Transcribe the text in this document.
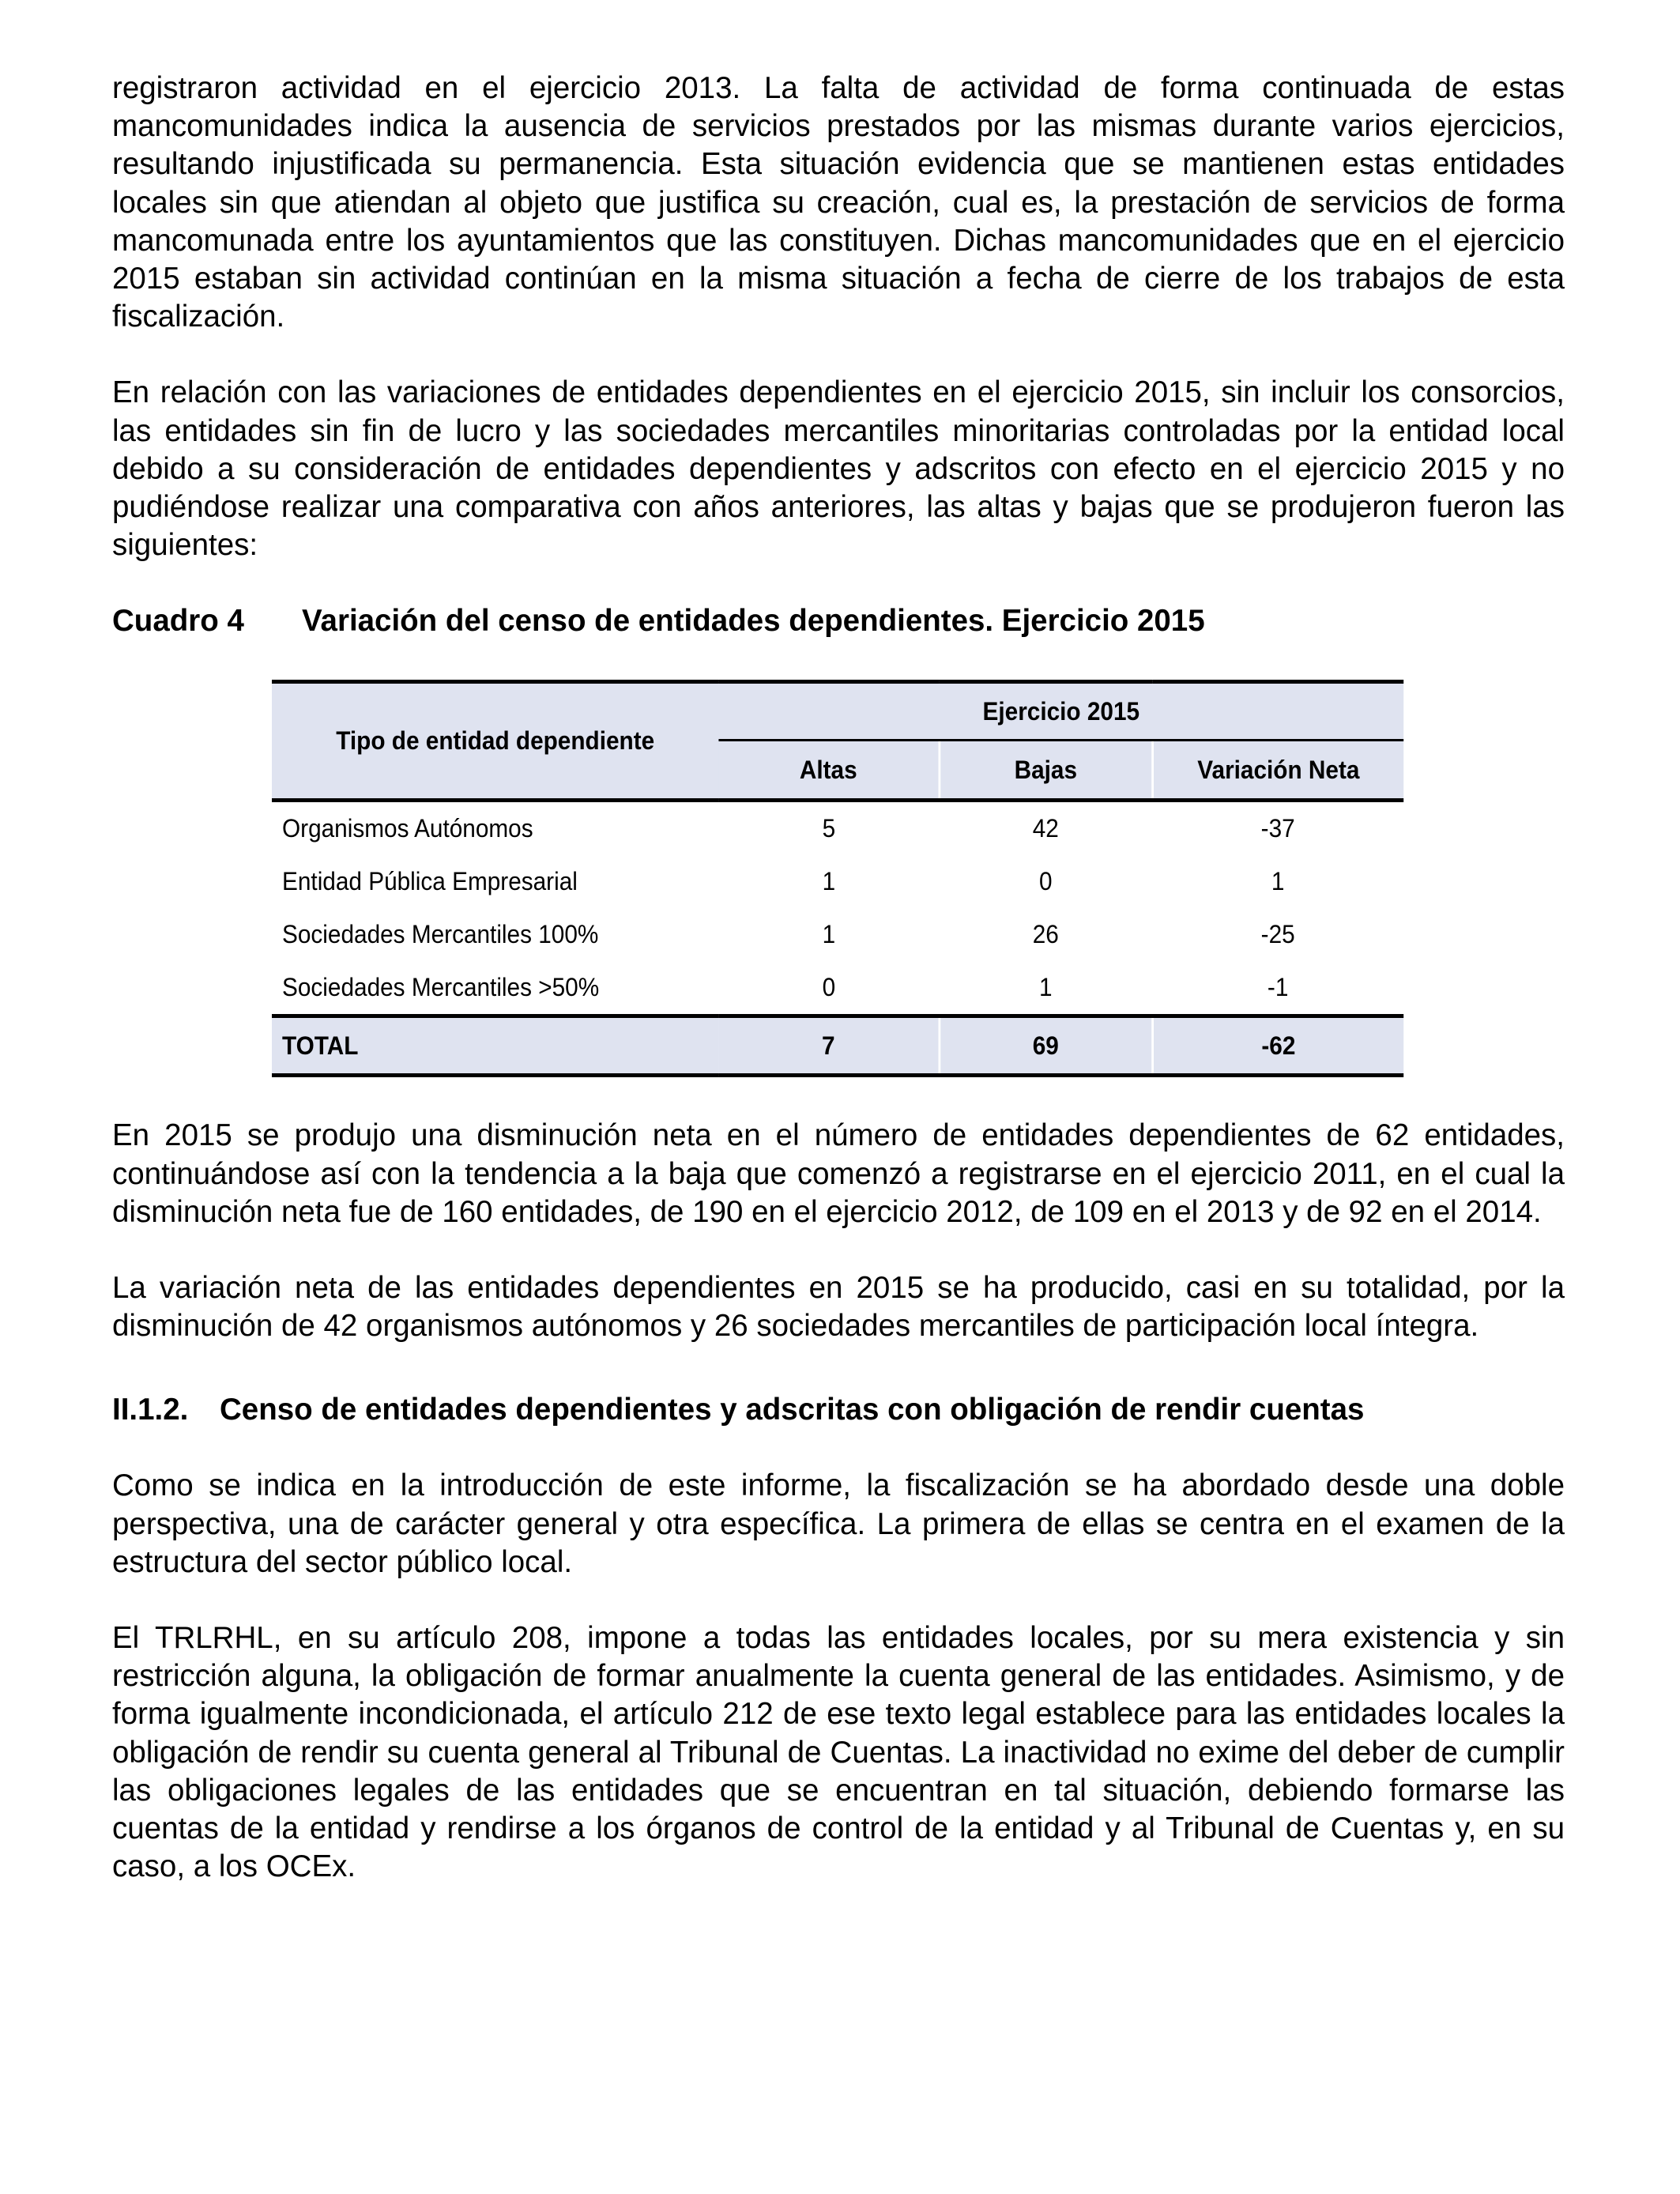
registraron actividad en el ejercicio 2013. La falta de actividad de forma continuada de estas mancomunidades indica la ausencia de servicios prestados por las mismas durante varios ejercicios, resultando injustificada su permanencia. Esta situación evidencia que se mantienen estas entidades locales sin que atiendan al objeto que justifica su creación, cual es, la prestación de servicios de forma mancomunada entre los ayuntamientos que las constituyen. Dichas mancomunidades que en el ejercicio 2015 estaban sin actividad continúan en la misma situación a fecha de cierre de los trabajos de esta fiscalización.

En relación con las variaciones de entidades dependientes en el ejercicio 2015, sin incluir los consorcios, las entidades sin fin de lucro y las sociedades mercantiles minoritarias controladas por la entidad local debido a su consideración de entidades dependientes y adscritos con efecto en el ejercicio 2015 y no pudiéndose realizar una comparativa con años anteriores, las altas y bajas que se produjeron fueron las siguientes:

Cuadro 4 Variación del censo de entidades dependientes. Ejercicio 2015

Tipo de entidad dependiente	Ejercicio 2015		
	Altas	Bajas	Variación Neta
Organismos Autónomos	5	42	-37
Entidad Pública Empresarial	1	0	1
Sociedades Mercantiles 100%	1	26	-25
Sociedades Mercantiles >50%	0	1	-1
TOTAL	7	69	-62

En 2015 se produjo una disminución neta en el número de entidades dependientes de 62 entidades, continuándose así con la tendencia a la baja que comenzó a registrarse en el ejercicio 2011, en el cual la disminución neta fue de 160 entidades, de 190 en el ejercicio 2012, de 109 en el 2013 y de 92 en el 2014.

La variación neta de las entidades dependientes en 2015 se ha producido, casi en su totalidad, por la disminución de 42 organismos autónomos y 26 sociedades mercantiles de participación local íntegra.

II.1.2. Censo de entidades dependientes y adscritas con obligación de rendir cuentas

Como se indica en la introducción de este informe, la fiscalización se ha abordado desde una doble perspectiva, una de carácter general y otra específica. La primera de ellas se centra en el examen de la estructura del sector público local.

El TRLRHL, en su artículo 208, impone a todas las entidades locales, por su mera existencia y sin restricción alguna, la obligación de formar anualmente la cuenta general de las entidades. Asimismo, y de forma igualmente incondicionada, el artículo 212 de ese texto legal establece para las entidades locales la obligación de rendir su cuenta general al Tribunal de Cuentas. La inactividad no exime del deber de cumplir las obligaciones legales de las entidades que se encuentran en tal situación, debiendo formarse las cuentas de la entidad y rendirse a los órganos de control de la entidad y al Tribunal de Cuentas y, en su caso, a los OCEx.
